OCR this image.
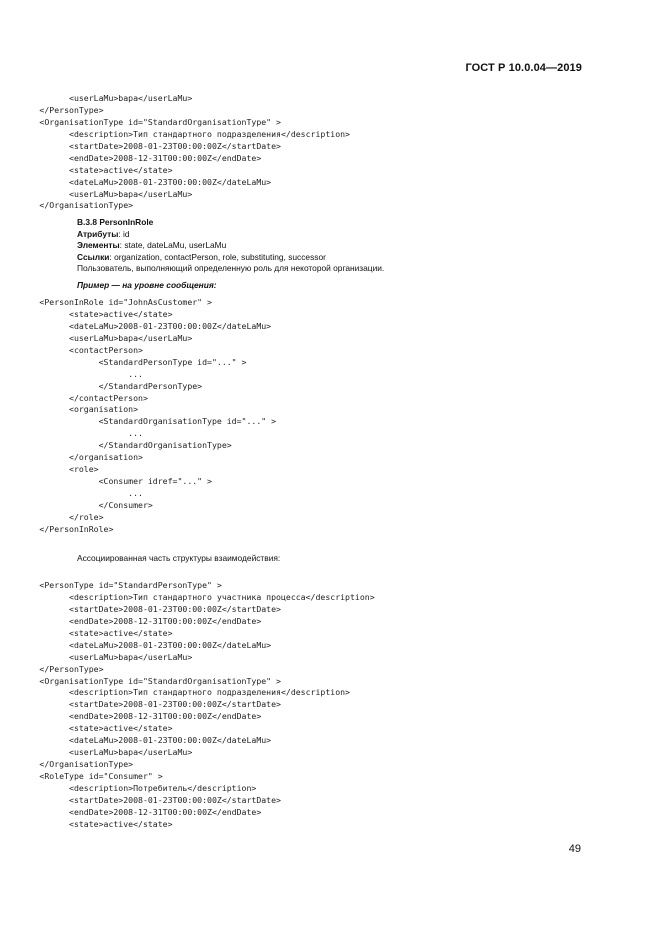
ГОСТ Р 10.0.04—2019
<userLaMu>bapa</userLaMu>
</PersonType>
<OrganisationType id="StandardOrganisationType" >
<description>Тип стандартного подразделения</description>
<startDate>2008-01-23T00:00:00Z</startDate>
<endDate>2008-12-31T00:00:00Z</endDate>
<state>active</state>
<dateLaMu>2008-01-23T00:00:00Z</dateLaMu>
<userLaMu>bapa</userLaMu>
</OrganisationType>
В.3.8 PersonInRole
Атрибуты: id
Элементы: state, dateLaMu, userLaMu
Ссылки: organization, contactPerson, role, substituting, successor
Пользователь, выполняющий определенную роль для некоторой организации.
Пример — на уровне сообщения:
<PersonInRole id="JohnAsCustomer" >
<state>active</state>
<dateLaMu>2008-01-23T00:00:00Z</dateLaMu>
<userLaMu>bapa</userLaMu>
<contactPerson>
<StandardPersonType id="..." >
...
</StandardPersonType>
</contactPerson>
<organisation>
<StandardOrganisationType id="..." >
...
</StandardOrganisationType>
</organisation>
<role>
<Consumer idref="..." >
...
</Consumer>
</role>
</PersonInRole>
Ассоциированная часть структуры взаимодействия:
<PersonType id="StandardPersonType" >
<description>Тип стандартного участника процесса</description>
<startDate>2008-01-23T00:00:00Z</startDate>
<endDate>2008-12-31T00:00:00Z</endDate>
<state>active</state>
<dateLaMu>2008-01-23T00:00:00Z</dateLaMu>
<userLaMu>bapa</userLaMu>
</PersonType>
<OrganisationType id="StandardOrganisationType" >
<description>Тип стандартного подразделения</description>
<startDate>2008-01-23T00:00:00Z</startDate>
<endDate>2008-12-31T00:00:00Z</endDate>
<state>active</state>
<dateLaMu>2008-01-23T00:00:00Z</dateLaMu>
<userLaMu>bapa</userLaMu>
</OrganisationType>
<RoleType id="Consumer" >
<description>Потребитель</description>
<startDate>2008-01-23T00:00:00Z</startDate>
<endDate>2008-12-31T00:00:00Z</endDate>
<state>active</state>
49
